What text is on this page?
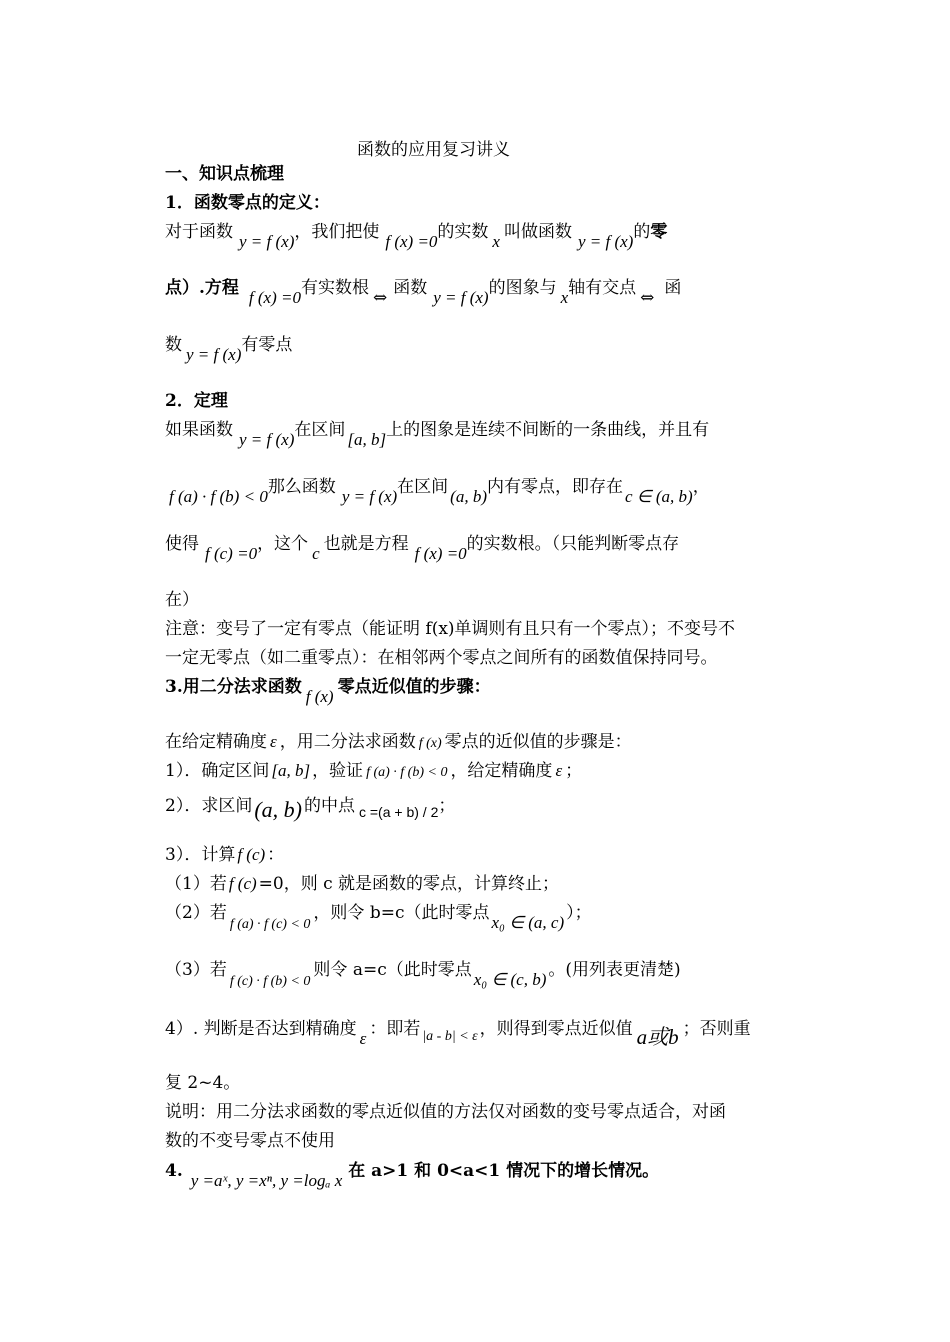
函数的应用复习讲义
一、知识点梳理
1．函数零点的定义：
对于函数 y = f (x)，我们把使 f (x) =0的实数 x 叫做函数 y = f (x)的零
点）.方程 f (x) =0有实数根 ⇔ 函数 y = f (x)的图象与 x轴有交点 ⇔ 函
数 y = f (x)有零点
2．定理
如果函数 y = f (x)在区间 [a, b]上的图象是连续不间断的一条曲线，并且有
f (a) · f (b) < 0那么函数 y = f (x)在区间 (a, b)内有零点，即存在 c ∈ (a, b)，
使得 f (c) =0，这个 c 也就是方程 f (x) =0的实数根。（只能判断零点存
在）
注意：变号了一定有零点（能证明 f(x)单调则有且只有一个零点）；不变号不
一定无零点（如二重零点）：在相邻两个零点之间所有的函数值保持同号。
3.用二分法求函数 f (x) 零点近似值的步骤：
在给定精确度 ε ，用二分法求函数 f (x) 零点的近似值的步骤是：
1）．确定区间 [a, b] ，验证 f (a) · f (b) < 0 ，给定精确度 ε ；
2）．求区间(a, b) 的中点 $_{c =(a + b) / 2}$；
3）．计算 f (c) ：
（1）若 f (c) =0，则 c 就是函数的零点，计算终止；
（2）若$_{f (a) \cdot f (c) < 0}$，则令 b=c（此时零点 x₀ ∈ (a, c) ）；
（3）若$_{f (c) \cdot f (b) < 0}$则令 a=c（此时零点 x₀ ∈ (c, b) 。(用列表更清楚)
4）. 判断是否达到精确度 ε ：即若 $_{|a - b| < \varepsilon}$ ，则得到零点近似值 a或b ；否则重
复 2~4。
说明：用二分法求函数的零点近似值的方法仅对函数的变号零点适合，对函
数的不变号零点不使用
4. y =aˣ, y =xⁿ, y =logₐ x 在 a>1 和 0<a<1 情况下的增长情况。
